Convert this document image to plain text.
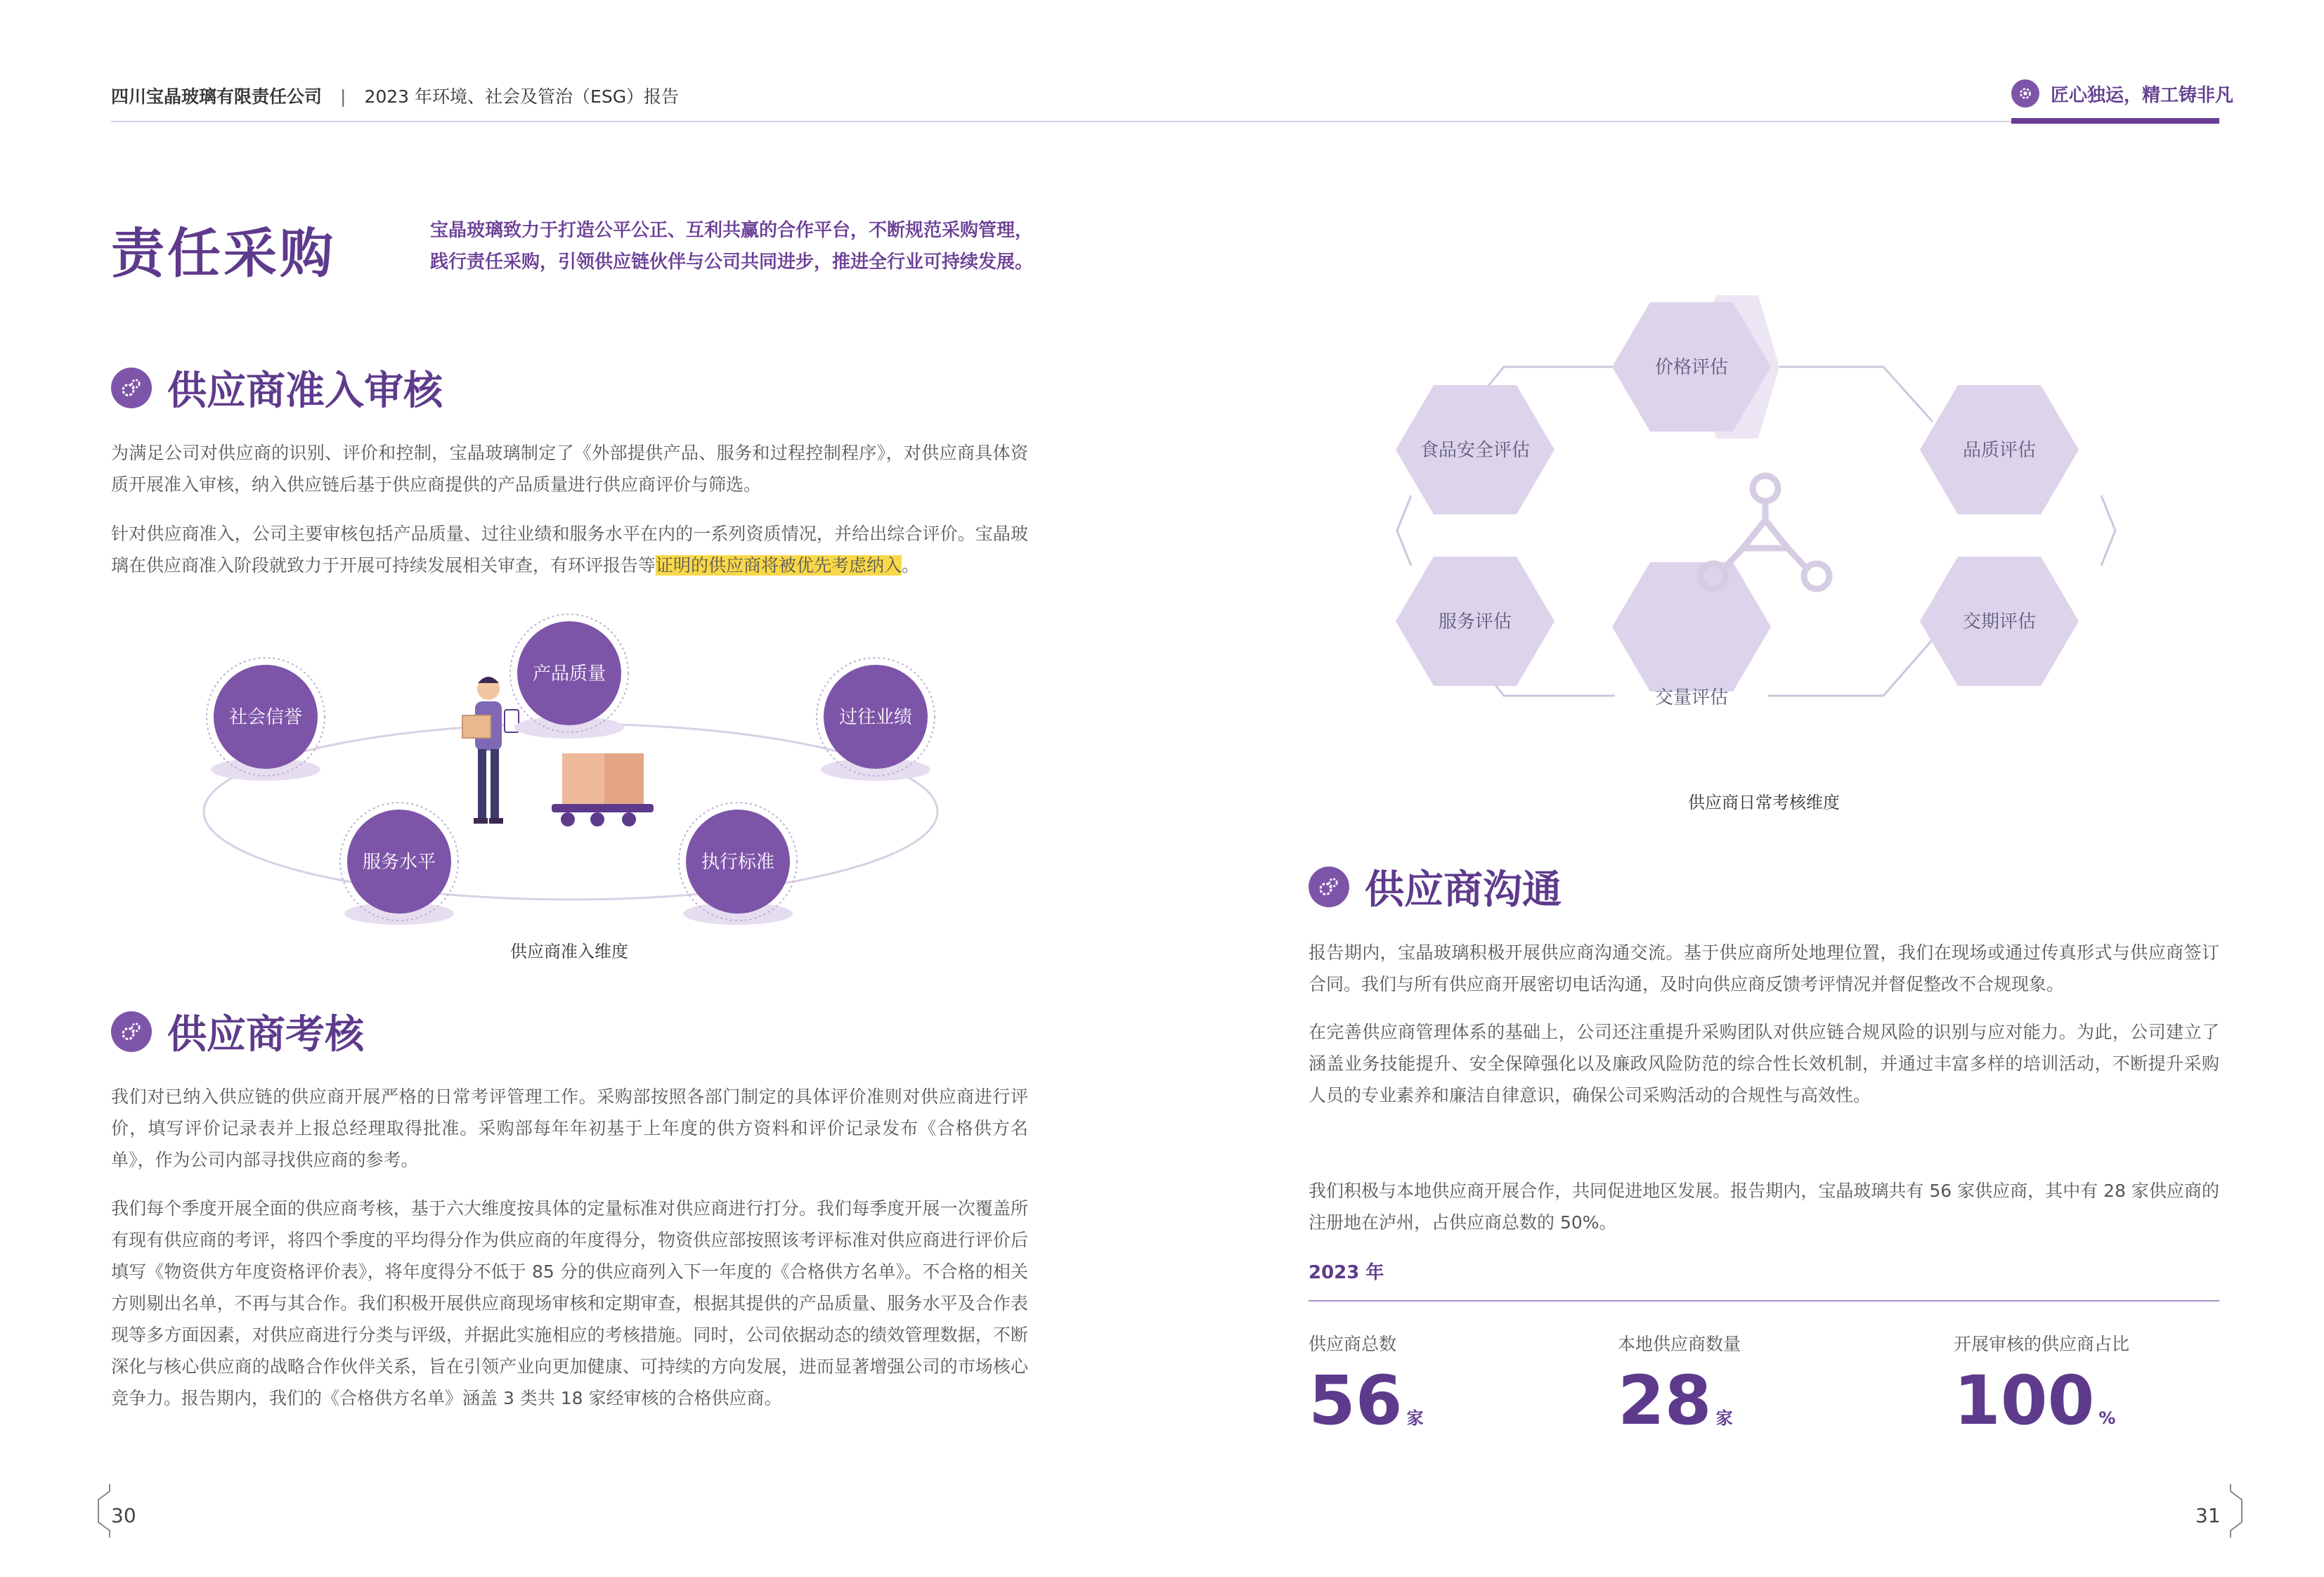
四川宝晶玻璃有限责任公司 | 2023 年环境、社会及管治（ESG）报告	匠心独运，精工铸非凡
责任采购	宝晶玻璃致力于打造公平公正、互利共赢的合作平台，不断规范采购管理，践行责任采购，引领供应链伙伴与公司共同进步，推进全行业可持续发展。
供应商准入审核
为满足公司对供应商的识别、评价和控制，宝晶玻璃制定了《外部提供产品、服务和过程控制程序》，对供应商具体资质开展准入审核，纳入供应链后基于供应商提供的产品质量进行供应商评价与筛选。
针对供应商准入，公司主要审核包括产品质量、过往业绩和服务水平在内的一系列资质情况，并给出综合评价。宝晶玻璃在供应商准入阶段就致力于开展可持续发展相关审查，有环评报告等证明的供应商将被优先考虑纳入。
社会信誉
产品质量
过往业绩
服务水平	执行标准
供应商准入维度
供应商考核
我们对已纳入供应链的供应商开展严格的日常考评管理工作。采购部按照各部门制定的具体评价准则对供应商进行评价，填写评价记录表并上报总经理取得批准。采购部每年年初基于上年度的供方资料和评价记录发布《合格供方名单》，作为公司内部寻找供应商的参考。
我们每个季度开展全面的供应商考核，基于六大维度按具体的定量标准对供应商进行打分。我们每季度开展一次覆盖所有现有供应商的考评，将四个季度的平均得分作为供应商的年度得分，物资供应部按照该考评标准对供应商进行评价后填写《物资供方年度资格评价表》，将年度得分不低于 85 分的供应商列入下一年度的《合格供方名单》。不合格的相关方则剔出名单，不再与其合作。我们积极开展供应商现场审核和定期审查，根据其提供的产品质量、服务水平及合作表现等多方面因素，对供应商进行分类与评级，并据此实施相应的考核措施。同时，公司依据动态的绩效管理数据，不断深化与核心供应商的战略合作伙伴关系，旨在引领产业向更加健康、可持续的方向发展，进而显著增强公司的市场核心竞争力。报告期内，我们的《合格供方名单》涵盖 3 类共 18 家经审核的合格供应商。
价格评估
食品安全评估	品质评估
服务评估	交期评估
交量评估
供应商日常考核维度
供应商沟通
报告期内，宝晶玻璃积极开展供应商沟通交流。基于供应商所处地理位置，我们在现场或通过传真形式与供应商签订合同。我们与所有供应商开展密切电话沟通，及时向供应商反馈考评情况并督促整改不合规现象。
在完善供应商管理体系的基础上，公司还注重提升采购团队对供应链合规风险的识别与应对能力。为此，公司建立了涵盖业务技能提升、安全保障强化以及廉政风险防范的综合性长效机制，并通过丰富多样的培训活动，不断提升采购人员的专业素养和廉洁自律意识，确保公司采购活动的合规性与高效性。
我们积极与本地供应商开展合作，共同促进地区发展。报告期内，宝晶玻璃共有 56 家供应商，其中有 28 家供应商的注册地在泸州，占供应商总数的 50%。
2023 年
供应商总数
56 家
本地供应商数量
28 家
开展审核的供应商占比
100 %
30	31
